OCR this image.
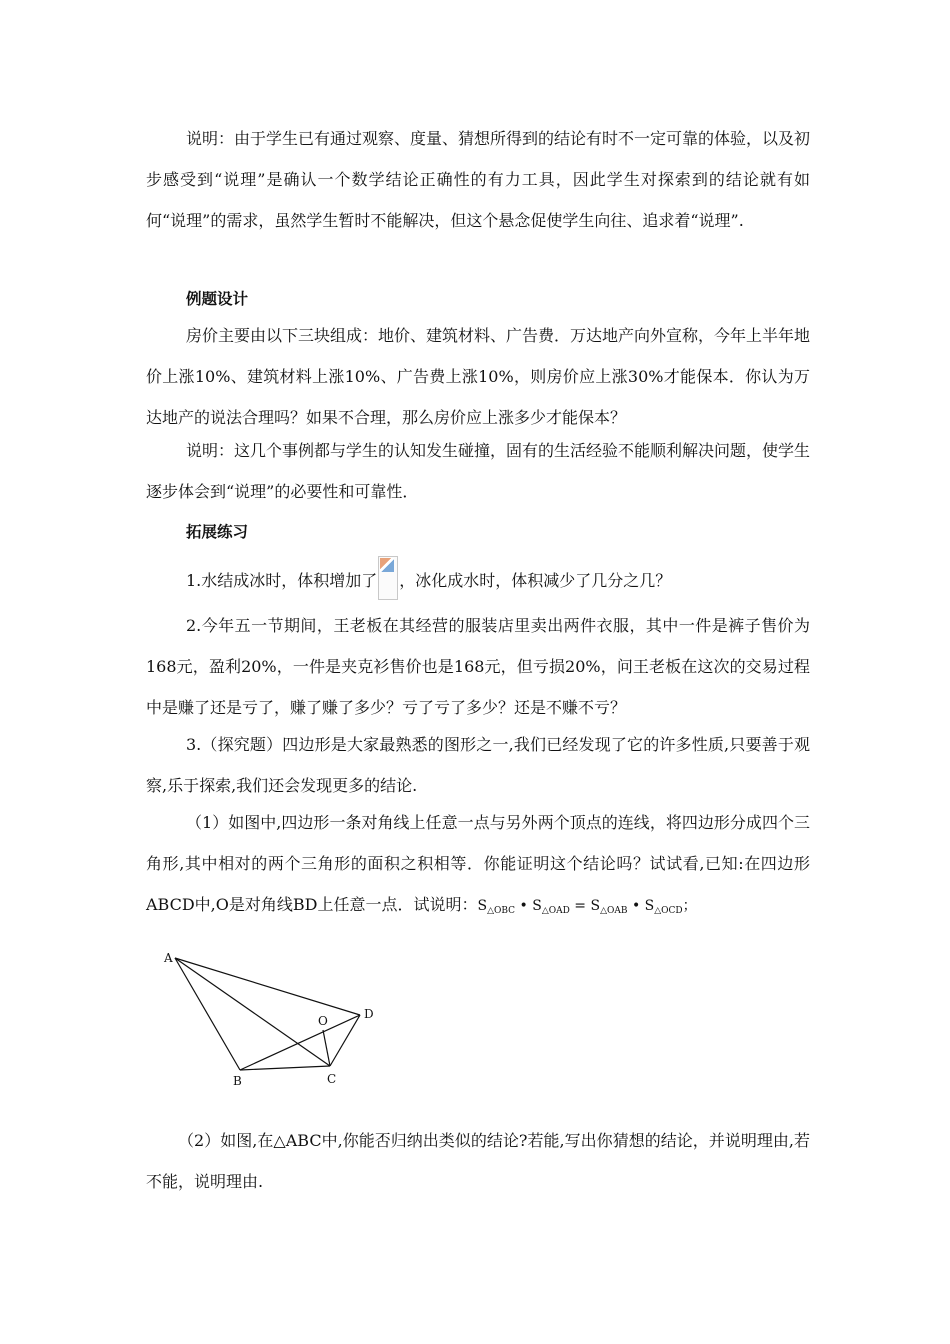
说明：由于学生已有通过观察、度量、猜想所得到的结论有时不一定可靠的体验，以及初步感受到“说理”是确认一个数学结论正确性的有力工具，因此学生对探索到的结论就有如何“说理”的需求，虽然学生暂时不能解决，但这个悬念促使学生向往、追求着“说理”.

例题设计

房价主要由以下三块组成：地价、建筑材料、广告费．万达地产向外宣称，今年上半年地价上涨10%、建筑材料上涨10%、广告费上涨10%，则房价应上涨30%才能保本．你认为万达地产的说法合理吗？如果不合理，那么房价应上涨多少才能保本？

说明：这几个事例都与学生的认知发生碰撞，固有的生活经验不能顺利解决问题，使学生逐步体会到“说理”的必要性和可靠性．

拓展练习

1.水结成冰时，体积增加了 ，冰化成水时，体积减少了几分之几？

2.今年五一节期间，王老板在其经营的服装店里卖出两件衣服，其中一件是裤子售价为168元，盈利20%，一件是夹克衫售价也是168元，但亏损20%，问王老板在这次的交易过程中是赚了还是亏了，赚了赚了多少？亏了亏了多少？还是不赚不亏？

3.（探究题）四边形是大家最熟悉的图形之一,我们已经发现了它的许多性质,只要善于观察,乐于探索,我们还会发现更多的结论.

（1）如图中,四边形一条对角线上任意一点与另外两个顶点的连线，将四边形分成四个三角形,其中相对的两个三角形的面积之积相等．你能证明这个结论吗？试试看,已知:在四边形ABCD中,O是对角线BD上任意一点．试说明：$S_{\triangle OBC}$ • $S_{\triangle OAD} = S_{\triangle OAB}$ • $S_{\triangle OCD}$；

A
B	C
D
O

（2）如图,在△ABC中,你能否归纳出类似的结论?若能,写出你猜想的结论，并说明理由,若不能，说明理由.
